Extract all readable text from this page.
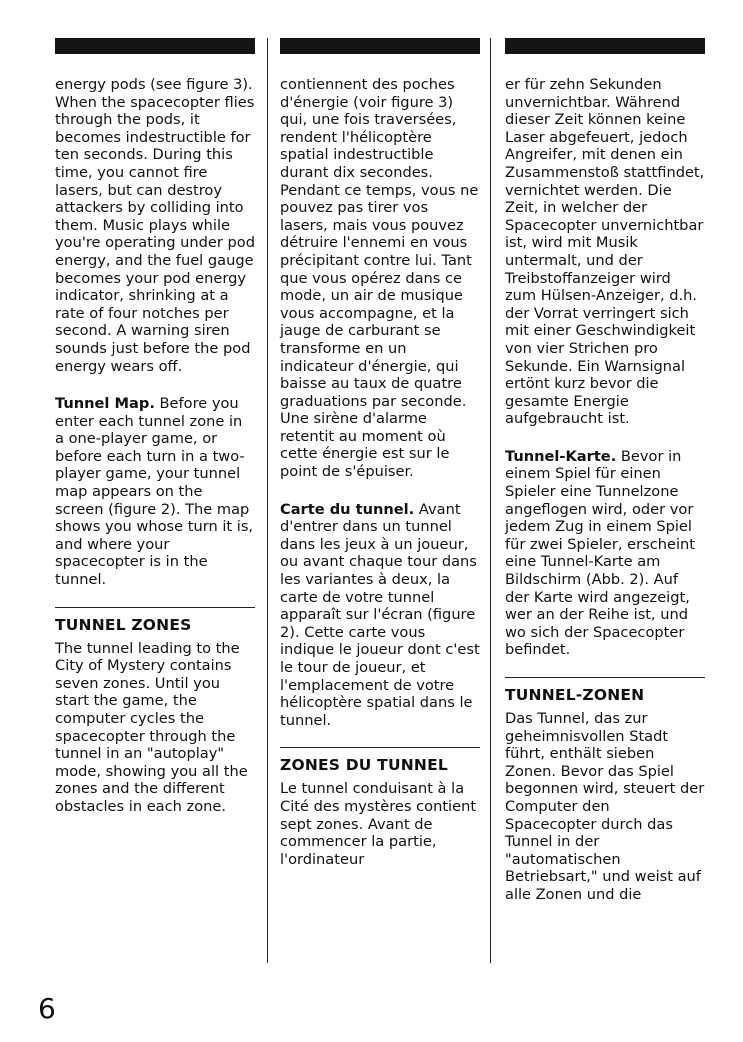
energy pods (see figure 3). When the spacecopter flies through the pods, it becomes indestructible for ten seconds. During this time, you cannot fire lasers, but can destroy attackers by colliding into them. Music plays while you're operating under pod energy, and the fuel gauge becomes your pod energy indicator, shrinking at a rate of four notches per second. A warning siren sounds just before the pod energy wears off.

Tunnel Map. Before you enter each tunnel zone in a one-player game, or before each turn in a two-player game, your tunnel map appears on the screen (figure 2). The map shows you whose turn it is, and where your spacecopter is in the tunnel.

TUNNEL ZONES

The tunnel leading to the City of Mystery contains seven zones. Until you start the game, the computer cycles the spacecopter through the tunnel in an "autoplay" mode, showing you all the zones and the different obstacles in each zone.

contiennent des poches d'énergie (voir figure 3) qui, une fois traversées, rendent l'hélicoptère spatial indestructible durant dix secondes. Pendant ce temps, vous ne pouvez pas tirer vos lasers, mais vous pouvez détruire l'ennemi en vous précipitant contre lui. Tant que vous opérez dans ce mode, un air de musique vous accompagne, et la jauge de carburant se transforme en un indicateur d'énergie, qui baisse au taux de quatre graduations par seconde. Une sirène d'alarme retentit au moment où cette énergie est sur le point de s'épuiser.

Carte du tunnel. Avant d'entrer dans un tunnel dans les jeux à un joueur, ou avant chaque tour dans les variantes à deux, la carte de votre tunnel apparaît sur l'écran (figure 2). Cette carte vous indique le joueur dont c'est le tour de joueur, et l'emplacement de votre hélicoptère spatial dans le tunnel.

ZONES DU TUNNEL

Le tunnel conduisant à la Cité des mystères contient sept zones. Avant de commencer la partie, l'ordinateur

er für zehn Sekunden unvernichtbar. Während dieser Zeit können keine Laser abgefeuert, jedoch Angreifer, mit denen ein Zusammenstoß stattfindet, vernichtet werden. Die Zeit, in welcher der Spacecopter unvernichtbar ist, wird mit Musik untermalt, und der Treibstoffanzeiger wird zum Hülsen-Anzeiger, d.h. der Vorrat verringert sich mit einer Geschwindigkeit von vier Strichen pro Sekunde. Ein Warnsignal ertönt kurz bevor die gesamte Energie aufgebraucht ist.

Tunnel-Karte. Bevor in einem Spiel für einen Spieler eine Tunnelzone angeflogen wird, oder vor jedem Zug in einem Spiel für zwei Spieler, erscheint eine Tunnel-Karte am Bildschirm (Abb. 2). Auf der Karte wird angezeigt, wer an der Reihe ist, und wo sich der Spacecopter befindet.

TUNNEL-ZONEN

Das Tunnel, das zur geheimnisvollen Stadt führt, enthält sieben Zonen. Bevor das Spiel begonnen wird, steuert der Computer den Spacecopter durch das Tunnel in der "automatischen Betriebsart," und weist auf alle Zonen und die

6
